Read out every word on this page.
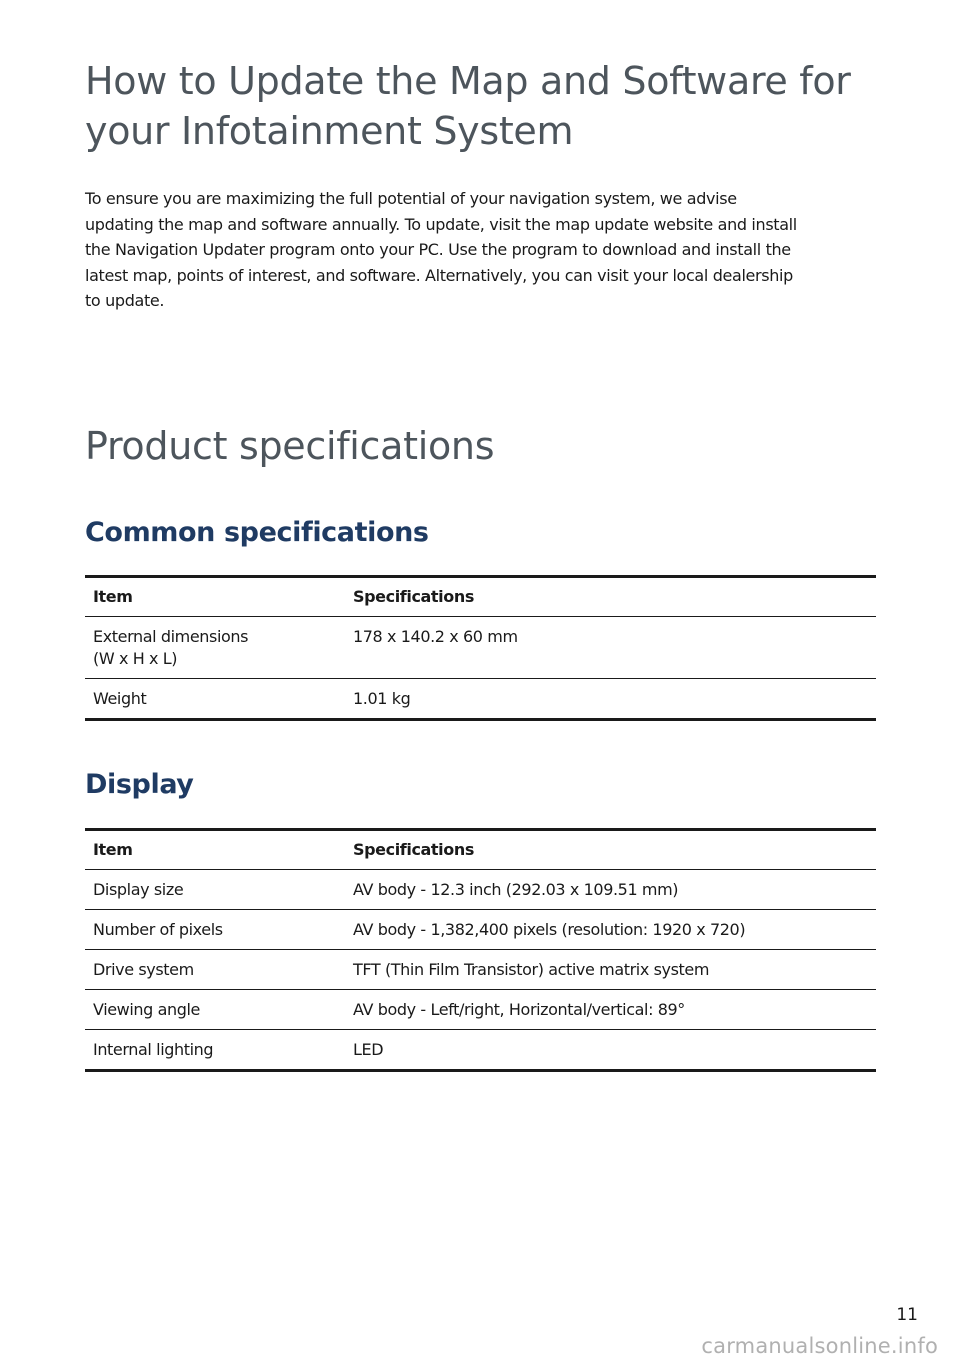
How to Update the Map and Software for
your Infotainment System

To ensure you are maximizing the full potential of your navigation system, we advise
updating the map and software annually. To update, visit the map update website and install
the Navigation Updater program onto your PC. Use the program to download and install the
latest map, points of interest, and software. Alternatively, you can visit your local dealership
to update.

Product specifications
Common specifications
Item	Specifications
External dimensions
(W x H x L)	178 x 140.2 x 60 mm
Weight	1.01 kg
Display
Item	Specifications
Display size	AV body - 12.3 inch (292.03 x 109.51 mm)
Number of pixels	AV body - 1,382,400 pixels (resolution: 1920 x 720)
Drive system	TFT (Thin Film Transistor) active matrix system
Viewing angle	AV body - Left/right, Horizontal/vertical: 89°
Internal lighting	LED
11
carmanualsonline.info
